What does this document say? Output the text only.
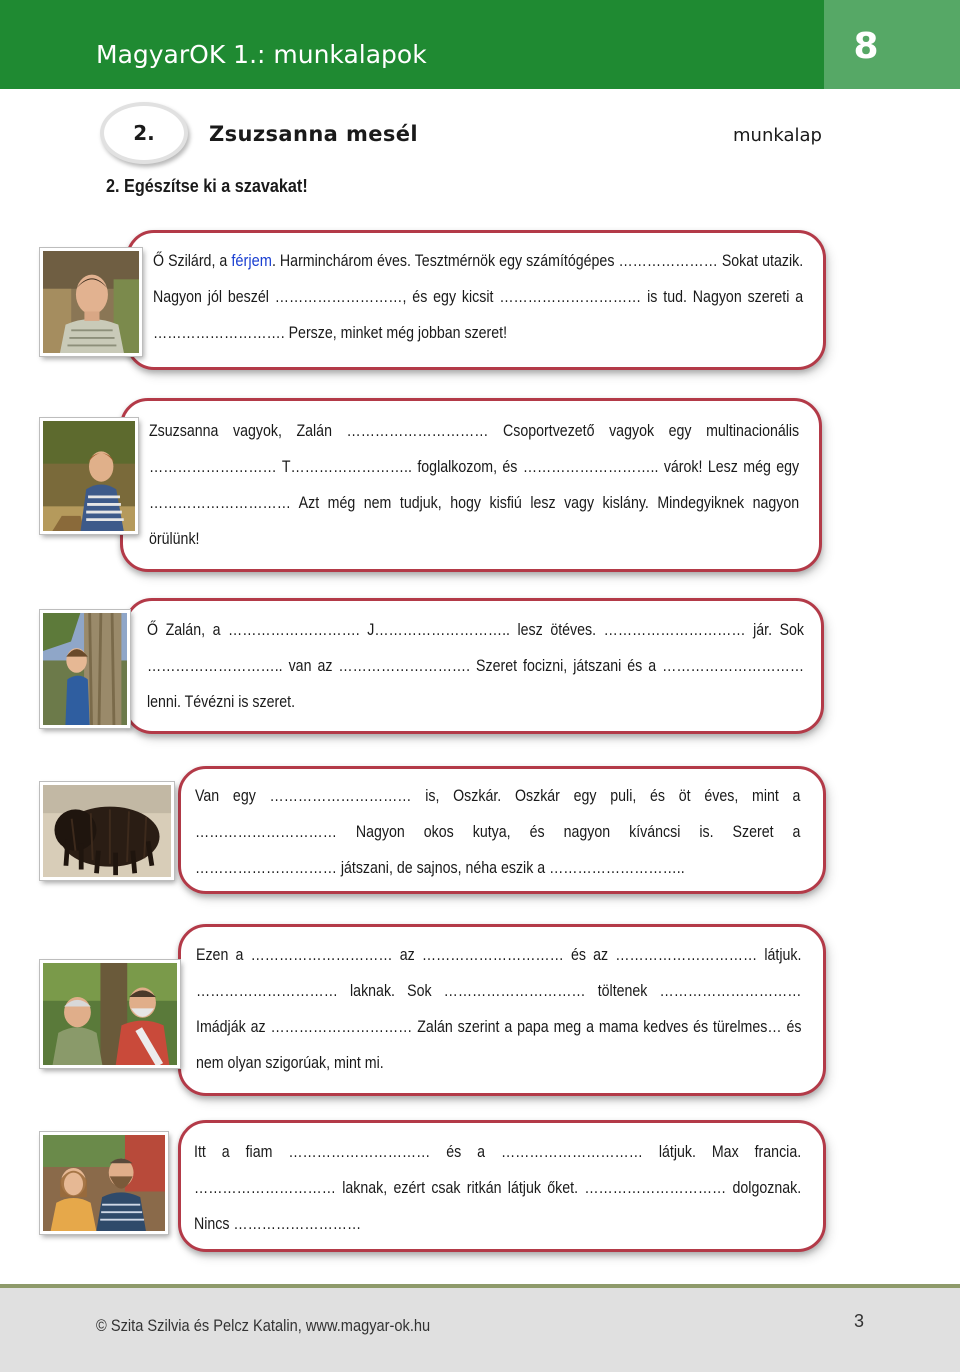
MagyarOK 1.: munkalapok	8
2.	Zsuzsanna mesél	munkalap
2. Egészítse ki a szavakat!
Ő Szilárd, a férjem. Harminchárom éves. Tesztmérnök egy számítógépes ………………… Sokat utazik. Nagyon jól beszél ………………………, és egy kicsit ………………………… is tud. Nagyon szereti a ………………………. Persze, minket még jobban szeret!
Zsuzsanna vagyok, Zalán ………………………… Csoportvezető vagyok egy multinacionális ……………………… T…………………….. foglalkozom, és ……………………….. várok! Lesz még egy ………………………… Azt még nem tudjuk, hogy kisfiú lesz vagy kislány. Mindegyiknek nagyon örülünk!
Ő Zalán, a ………………………. J……………………….. lesz ötéves. ………………………… jár. Sok ……………………….. van az ………………………. Szeret focizni, játszani és a ………………………… lenni. Tévézni is szeret.
Van egy ………………………… is, Oszkár. Oszkár egy puli, és öt éves, mint a ………………………… Nagyon okos kutya, és nagyon kíváncsi is. Szeret a ………………………… játszani, de sajnos, néha eszik a ………………………..
Ezen a ………………………… az ………………………… és az ………………………… látjuk. ………………………… laknak. Sok ………………………… töltenek ………………………… Imádják az ………………………… Zalán szerint a papa meg a mama kedves és türelmes… és nem olyan szigorúak, mint mi.
Itt a fiam ………………………… és a ………………………… látjuk. Max francia. ………………………… laknak, ezért csak ritkán látjuk őket. ………………………… dolgoznak. Nincs ………………………
© Szita Szilvia és Pelcz Katalin, www.magyar-ok.hu	3
